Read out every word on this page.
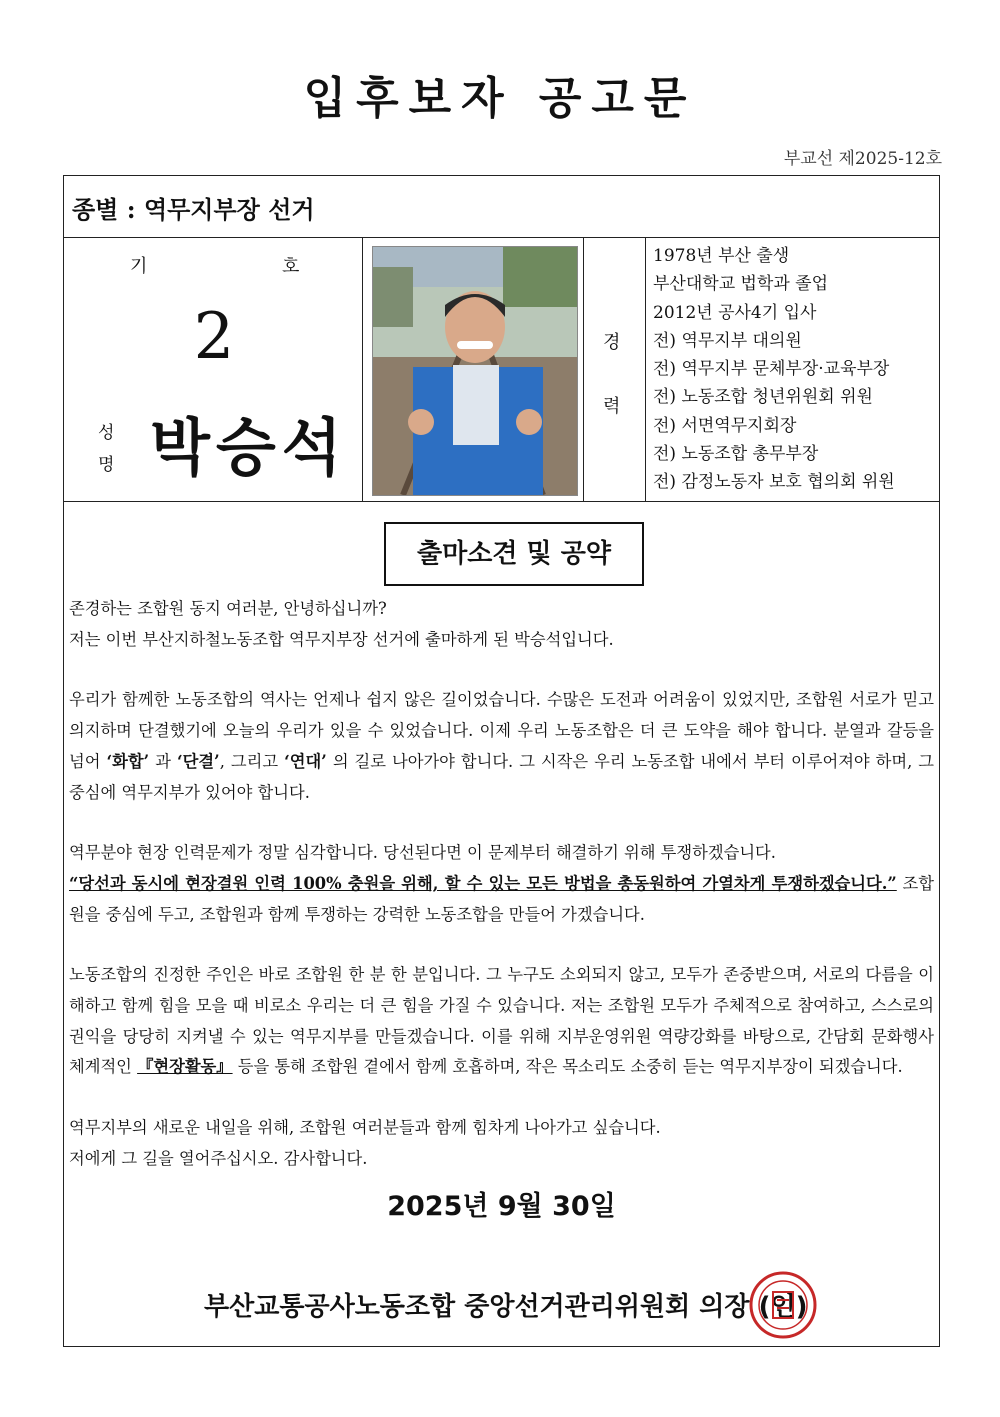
입후보자 공고문
부교선 제2025-12호
종별 : 역무지부장 선거
기	호
2
성
명 박승석
경
력
1978년 부산 출생
부산대학교 법학과 졸업
2012년 공사4기 입사
전) 역무지부 대의원
전) 역무지부 문체부장·교육부장
전) 노동조합 청년위원회 위원
전) 서면역무지회장
전) 노동조합 총무부장
전) 감정노동자 보호 협의회 위원
출마소견 및 공약

존경하는 조합원 동지 여러분, 안녕하십니까?
저는 이번 부산지하철노동조합 역무지부장 선거에 출마하게 된 박승석입니다.

우리가 함께한 노동조합의 역사는 언제나 쉽지 않은 길이었습니다. 수많은 도전과 어려움이 있었지만, 조합원 서로가 믿고 의지하며 단결했기에 오늘의 우리가 있을 수 있었습니다. 이제 우리 노동조합은 더 큰 도약을 해야 합니다. 분열과 갈등을 넘어 ‘화합’ 과 ‘단결’, 그리고 ‘연대’ 의 길로 나아가야 합니다. 그 시작은 우리 노동조합 내에서 부터 이루어져야 하며, 그 중심에 역무지부가 있어야 합니다.

역무분야 현장 인력문제가 정말 심각합니다. 당선된다면 이 문제부터 해결하기 위해 투쟁하겠습니다.
“당선과 동시에 현장결원 인력 100% 충원을 위해, 할 수 있는 모든 방법을 총동원하여 가열차게 투쟁하겠습니다.” 조합원을 중심에 두고, 조합원과 함께 투쟁하는 강력한 노동조합을 만들어 가겠습니다.

노동조합의 진정한 주인은 바로 조합원 한 분 한 분입니다. 그 누구도 소외되지 않고, 모두가 존중받으며, 서로의 다름을 이해하고 함께 힘을 모을 때 비로소 우리는 더 큰 힘을 가질 수 있습니다. 저는 조합원 모두가 주체적으로 참여하고, 스스로의 권익을 당당히 지켜낼 수 있는 역무지부를 만들겠습니다. 이를 위해 지부운영위원 역량강화를 바탕으로, 간담회 문화행사 체계적인 『현장활동』 등을 통해 조합원 곁에서 함께 호흡하며, 작은 목소리도 소중히 듣는 역무지부장이 되겠습니다.

역무지부의 새로운 내일을 위해, 조합원 여러분들과 함께 힘차게 나아가고 싶습니다.
저에게 그 길을 열어주십시오. 감사합니다.

2025년 9월 30일
부산교통공사노동조합 중앙선거관리위원회 의장 (인)
